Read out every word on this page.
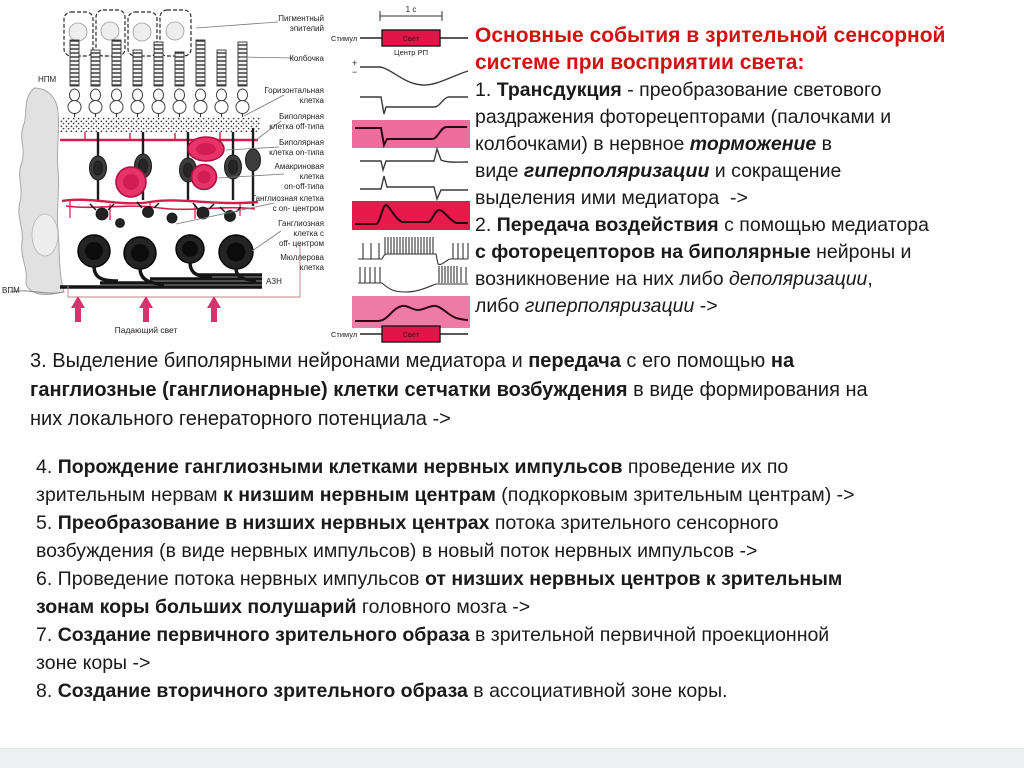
НПМ
ВПМ
АЗН
Пигментный
эпителий
Колбочка
Горизонтальная
клетка
Биполярная
клетка off-типа
Биполярная
клетка on-типа
Амакриновая
клетка
on-off-типа
Ганглиозная клетка
с on- центром
Ганглиозная
клетка с
off- центром
Мюллерова
клетка
Падающий свет
1 с
Стимул	Свет
Центр РП
+
−
Стимул	Свет
Основные события в зрительной сенсорной
системе при восприятии света:

1. Трансдукция - преобразование светового
раздражения фоторецепторами (палочками и
колбочками) в нервное торможение в
виде гиперполяризации и сокращение
выделения ими медиатора  ->

2. Передача воздействия с помощью медиатора
с фоторецепторов на биполярные нейроны и
возникновение на них либо деполяризации,
либо гиперполяризации ->

3. Выделение биполярными нейронами медиатора и передача с его помощью на
ганглиозные (ганглионарные) клетки сетчатки возбуждения в виде формирования на
них локального генераторного потенциала ->

4. Порождение ганглиозными клетками нервных импульсов проведение их по
зрительным нервам к низшим нервным центрам (подкорковым зрительным центрам) ->

5. Преобразование в низших нервных центрах потока зрительного сенсорного
возбуждения (в виде нервных импульсов) в новый поток нервных импульсов ->

6. Проведение потока нервных импульсов от низших нервных центров к зрительным
зонам коры больших полушарий головного мозга ->

7. Создание первичного зрительного образа в зрительной первичной проекционной
зоне коры ->

8. Создание вторичного зрительного образа в ассоциативной зоне коры.
